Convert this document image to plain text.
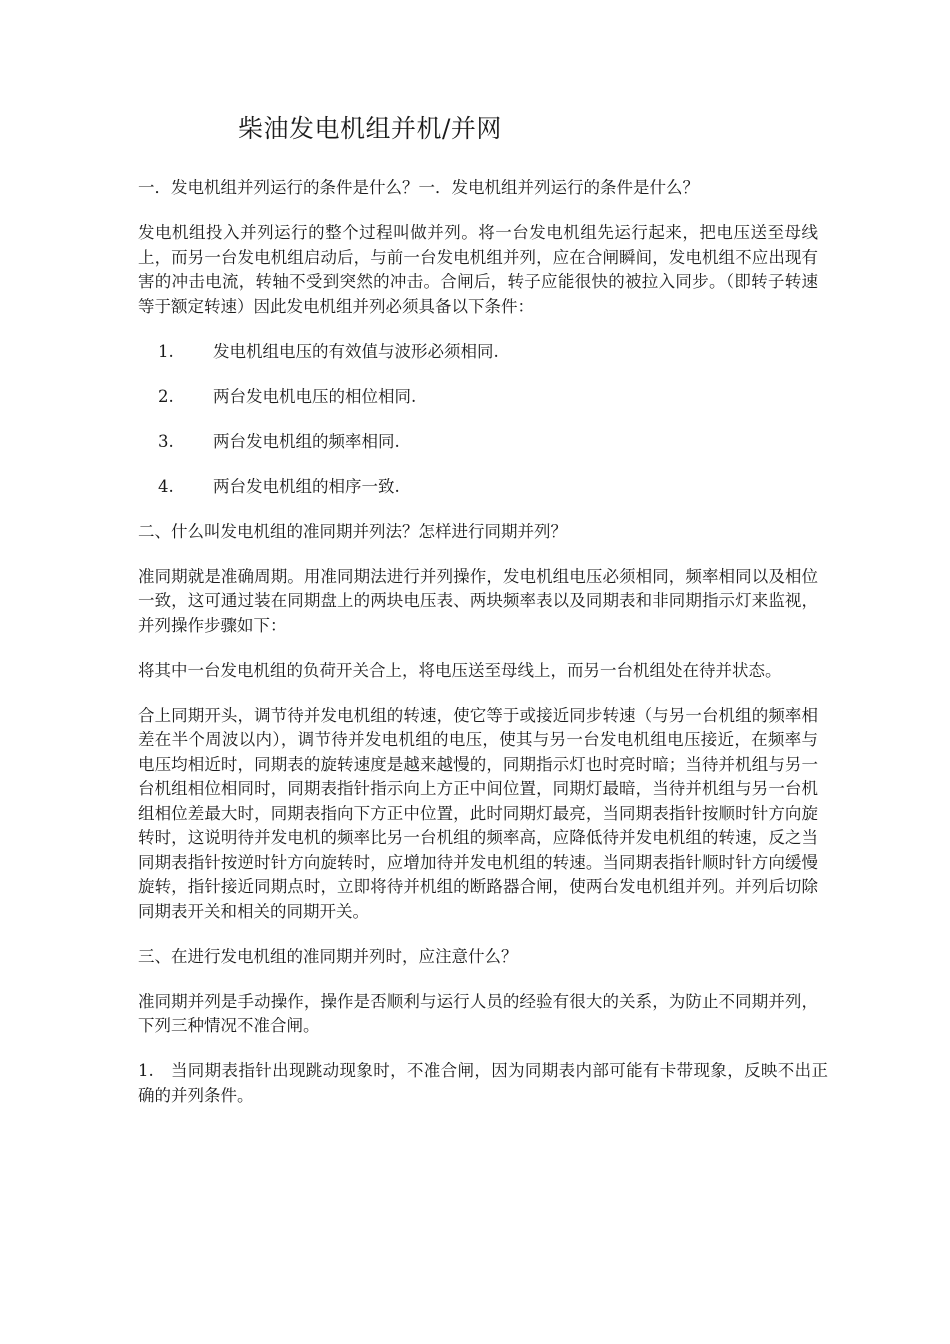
柴油发电机组并机/并网

一．发电机组并列运行的条件是什么？一．发电机组并列运行的条件是什么？

发电机组投入并列运行的整个过程叫做并列。将一台发电机组先运行起来，把电压送至母线上，而另一台发电机组启动后，与前一台发电机组并列，应在合闸瞬间，发电机组不应出现有害的冲击电流，转轴不受到突然的冲击。合闸后，转子应能很快的被拉入同步。（即转子转速等于额定转速）因此发电机组并列必须具备以下条件：

1.	发电机组电压的有效值与波形必须相同.
2.	两台发电机电压的相位相同.
3.	两台发电机组的频率相同.
4.	两台发电机组的相序一致.

二、什么叫发电机组的准同期并列法？怎样进行同期并列？

准同期就是准确周期。用准同期法进行并列操作，发电机组电压必须相同，频率相同以及相位一致，这可通过装在同期盘上的两块电压表、两块频率表以及同期表和非同期指示灯来监视，并列操作步骤如下：

将其中一台发电机组的负荷开关合上，将电压送至母线上，而另一台机组处在待并状态。

合上同期开头，调节待并发电机组的转速，使它等于或接近同步转速（与另一台机组的频率相差在半个周波以内），调节待并发电机组的电压，使其与另一台发电机组电压接近，在频率与电压均相近时，同期表的旋转速度是越来越慢的，同期指示灯也时亮时暗；当待并机组与另一台机组相位相同时，同期表指针指示向上方正中间位置，同期灯最暗，当待并机组与另一台机组相位差最大时，同期表指向下方正中位置，此时同期灯最亮，当同期表指针按顺时针方向旋转时，这说明待并发电机的频率比另一台机组的频率高，应降低待并发电机组的转速，反之当同期表指针按逆时针方向旋转时，应增加待并发电机组的转速。当同期表指针顺时针方向缓慢旋转，指针接近同期点时，立即将待并机组的断路器合闸，使两台发电机组并列。并列后切除同期表开关和相关的同期开关。

三、在进行发电机组的准同期并列时，应注意什么？

准同期并列是手动操作，操作是否顺利与运行人员的经验有很大的关系，为防止不同期并列，下列三种情况不准合闸。

1.　当同期表指针出现跳动现象时，不准合闸，因为同期表内部可能有卡带现象，反映不出正确的并列条件。
